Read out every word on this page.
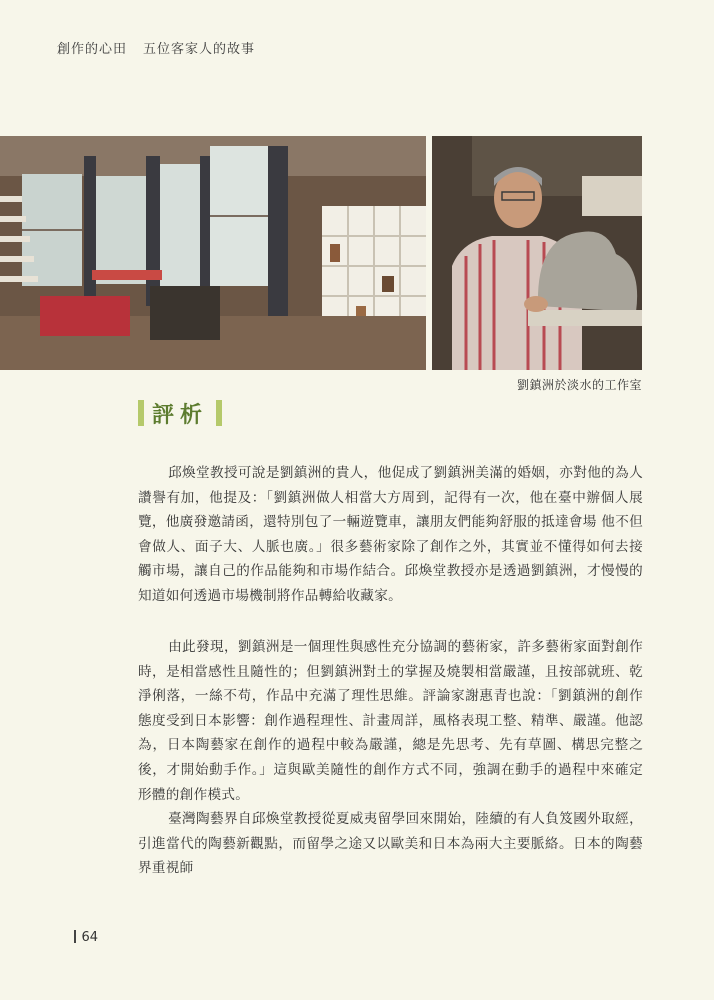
創作的心田 五位客家人的故事
劉鎮洲於淡水的工作室
評析

邱煥堂教授可說是劉鎮洲的貴人，他促成了劉鎮洲美滿的婚姻，亦對他的為人讚譽有加，他提及：「劉鎮洲做人相當大方周到，記得有一次，他在臺中辦個人展覽，他廣發邀請函，還特別包了一輛遊覽車，讓朋友們能夠舒服的抵達會場 他不但會做人、面子大、人脈也廣。」很多藝術家除了創作之外，其實並不懂得如何去接觸市場，讓自己的作品能夠和市場作結合。邱煥堂教授亦是透過劉鎮洲，才慢慢的知道如何透過市場機制將作品轉給收藏家。

由此發現，劉鎮洲是一個理性與感性充分協調的藝術家，許多藝術家面對創作時，是相當感性且隨性的；但劉鎮洲對土的掌握及燒製相當嚴謹，且按部就班、乾淨俐落，一絲不苟，作品中充滿了理性思維。評論家謝惠青也說：「劉鎮洲的創作態度受到日本影響：創作過程理性、計畫周詳，風格表現工整、精準、嚴謹。他認為，日本陶藝家在創作的過程中較為嚴謹，總是先思考、先有草圖、構思完整之後，才開始動手作。」這與歐美隨性的創作方式不同，強調在動手的過程中來確定形體的創作模式。

臺灣陶藝界自邱煥堂教授從夏威夷留學回來開始，陸續的有人負笈國外取經，引進當代的陶藝新觀點，而留學之途又以歐美和日本為兩大主要脈絡。日本的陶藝界重視師

64
